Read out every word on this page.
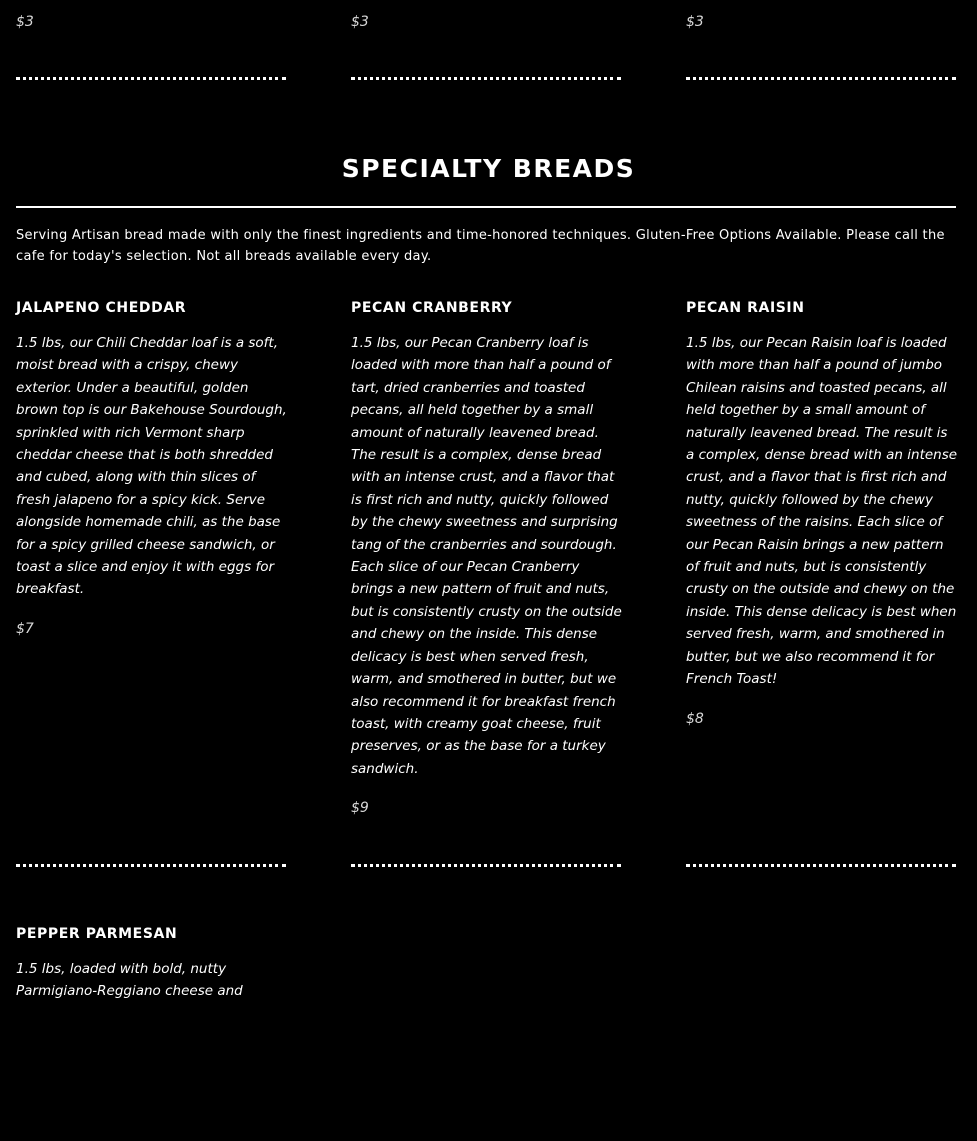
$3	$3	$3

SPECIALTY BREADS

Serving Artisan bread made with only the finest ingredients and time-honored techniques. Gluten-Free Options Available. Please call the cafe for today's selection. Not all breads available every day.

JALAPENO CHEDDAR

1.5 lbs, our Chili Cheddar loaf is a soft, moist bread with a crispy, chewy exterior. Under a beautiful, golden brown top is our Bakehouse Sourdough, sprinkled with rich Vermont sharp cheddar cheese that is both shredded and cubed, along with thin slices of fresh jalapeno for a spicy kick. Serve alongside homemade chili, as the base for a spicy grilled cheese sandwich, or toast a slice and enjoy it with eggs for breakfast.

$7

PECAN CRANBERRY

1.5 lbs, our Pecan Cranberry loaf is loaded with more than half a pound of tart, dried cranberries and toasted pecans, all held together by a small amount of naturally leavened bread. The result is a complex, dense bread with an intense crust, and a flavor that is first rich and nutty, quickly followed by the chewy sweetness and surprising tang of the cranberries and sourdough. Each slice of our Pecan Cranberry brings a new pattern of fruit and nuts, but is consistently crusty on the outside and chewy on the inside. This dense delicacy is best when served fresh, warm, and smothered in butter, but we also recommend it for breakfast french toast, with creamy goat cheese, fruit preserves, or as the base for a turkey sandwich.

$9

PECAN RAISIN

1.5 lbs, our Pecan Raisin loaf is loaded with more than half a pound of jumbo Chilean raisins and toasted pecans, all held together by a small amount of naturally leavened bread. The result is a complex, dense bread with an intense crust, and a flavor that is first rich and nutty, quickly followed by the chewy sweetness of the raisins. Each slice of our Pecan Raisin brings a new pattern of fruit and nuts, but is consistently crusty on the outside and chewy on the inside. This dense delicacy is best when served fresh, warm, and smothered in butter, but we also recommend it for French Toast!

$8

PEPPER PARMESAN

1.5 lbs, loaded with bold, nutty Parmigiano-Reggiano cheese and
